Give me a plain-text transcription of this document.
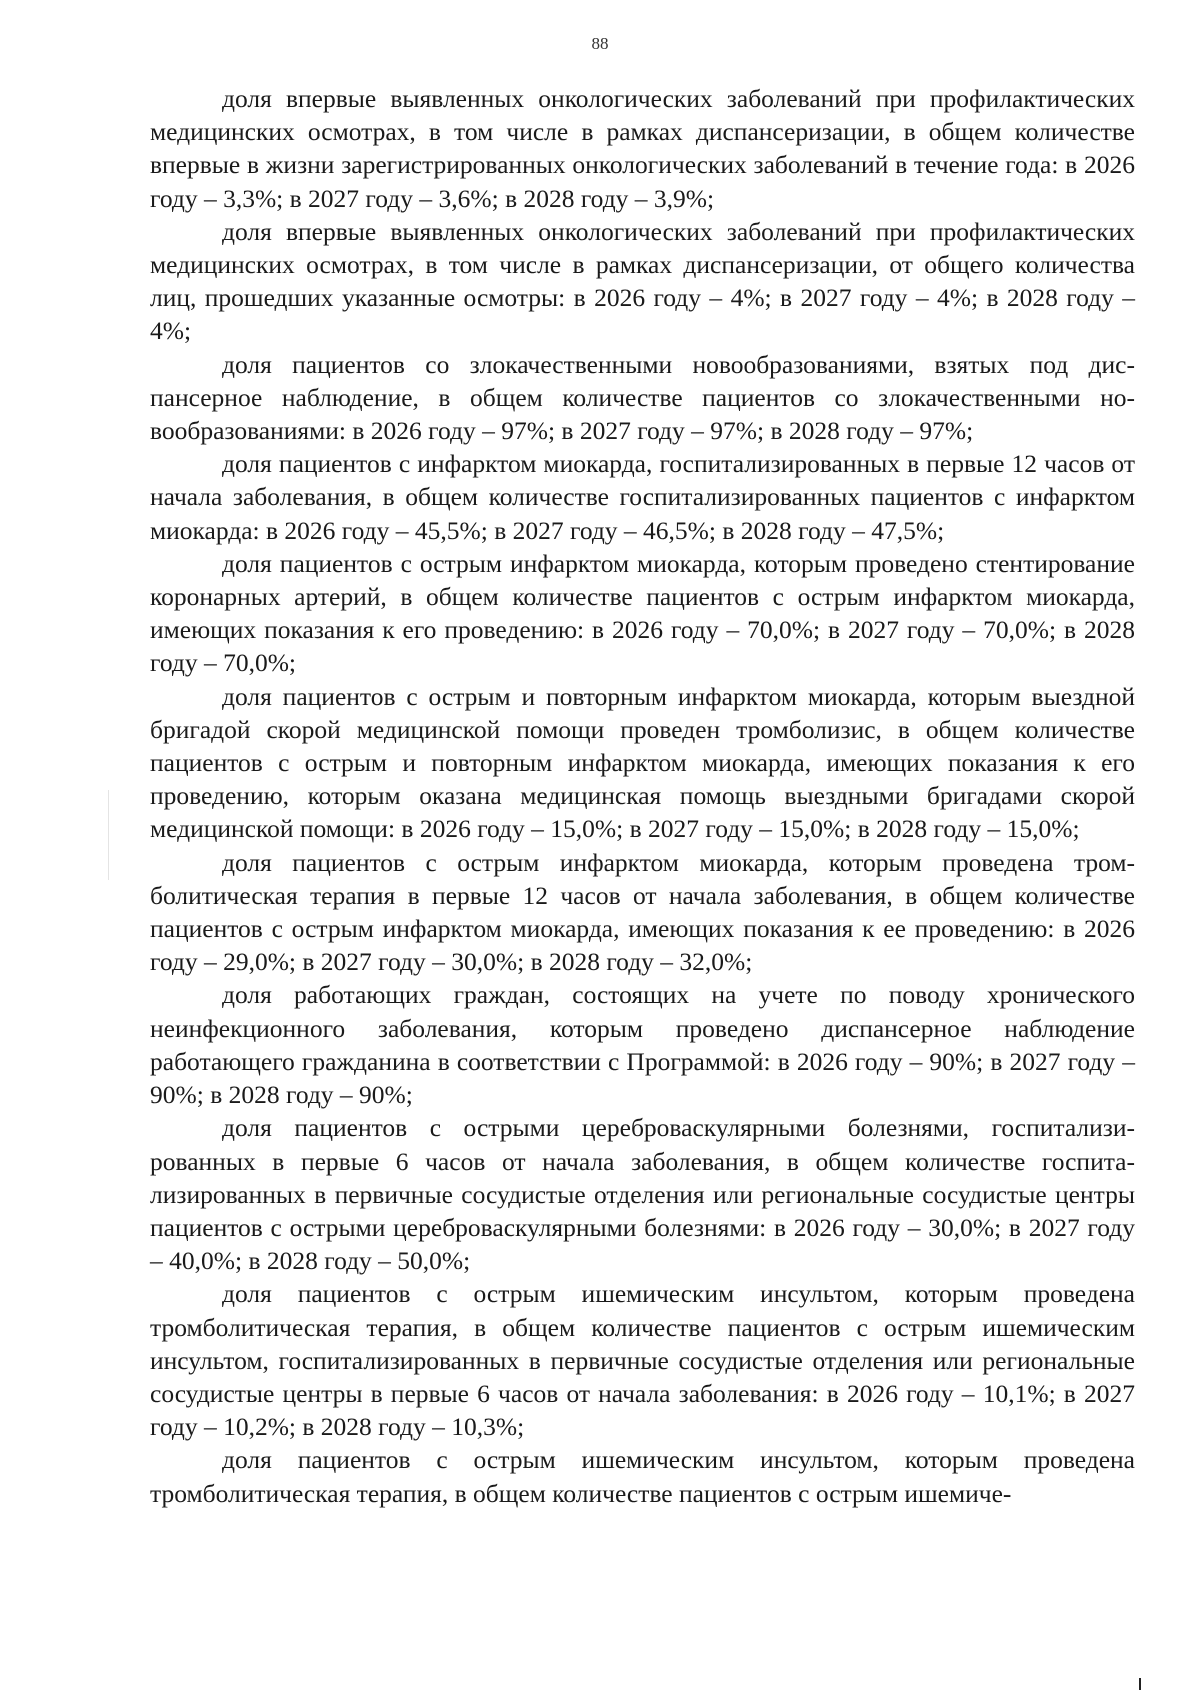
88

доля впервые выявленных онкологических заболеваний при профилактических медицинских осмотрах, в том числе в рамках диспансеризации, в общем количестве впервые в жизни зарегистрированных онкологических заболеваний в течение года: в 2026 году – 3,3%; в 2027 году – 3,6%; в 2028 году – 3,9%;

доля впервые выявленных онкологических заболеваний при профилактических медицинских осмотрах, в том числе в рамках диспансеризации, от общего количества лиц, прошедших указанные осмотры: в 2026 году – 4%; в 2027 году – 4%; в 2028 году – 4%;

доля пациентов со злокачественными новообразованиями, взятых под диспансерное наблюдение, в общем количестве пациентов со злокачественными новообразованиями: в 2026 году – 97%; в 2027 году – 97%; в 2028 году – 97%;

доля пациентов с инфарктом миокарда, госпитализированных в первые 12 часов от начала заболевания, в общем количестве госпитализированных пациентов с инфарктом миокарда: в 2026 году – 45,5%; в 2027 году – 46,5%; в 2028 году – 47,5%;

доля пациентов с острым инфарктом миокарда, которым проведено стентирование коронарных артерий, в общем количестве пациентов с острым инфарктом миокарда, имеющих показания к его проведению: в 2026 году – 70,0%; в 2027 году – 70,0%; в 2028 году – 70,0%;

доля пациентов с острым и повторным инфарктом миокарда, которым выездной бригадой скорой медицинской помощи проведен тромболизис, в общем количестве пациентов с острым и повторным инфарктом миокарда, имеющих показания к его проведению, которым оказана медицинская помощь выездными бригадами скорой медицинской помощи: в 2026 году – 15,0%; в 2027 году – 15,0%; в 2028 году – 15,0%;

доля пациентов с острым инфарктом миокарда, которым проведена тромболитическая терапия в первые 12 часов от начала заболевания, в общем количестве пациентов с острым инфарктом миокарда, имеющих показания к ее проведению: в 2026 году – 29,0%; в 2027 году – 30,0%; в 2028 году – 32,0%;

доля работающих граждан, состоящих на учете по поводу хронического неинфекционного заболевания, которым проведено диспансерное наблюдение работающего гражданина в соответствии с Программой: в 2026 году – 90%; в 2027 году – 90%; в 2028 году – 90%;

доля пациентов с острыми цереброваскулярными болезнями, госпитализированных в первые 6 часов от начала заболевания, в общем количестве госпитализированных в первичные сосудистые отделения или региональные сосудистые центры пациентов с острыми цереброваскулярными болезнями: в 2026 году – 30,0%; в 2027 году – 40,0%; в 2028 году – 50,0%;

доля пациентов с острым ишемическим инсультом, которым проведена тромболитическая терапия, в общем количестве пациентов с острым ишемическим инсультом, госпитализированных в первичные сосудистые отделения или региональные сосудистые центры в первые 6 часов от начала заболевания: в 2026 году – 10,1%; в 2027 году – 10,2%; в 2028 году – 10,3%;

доля пациентов с острым ишемическим инсультом, которым проведена тромболитическая терапия, в общем количестве пациентов с острым ишемиче-
